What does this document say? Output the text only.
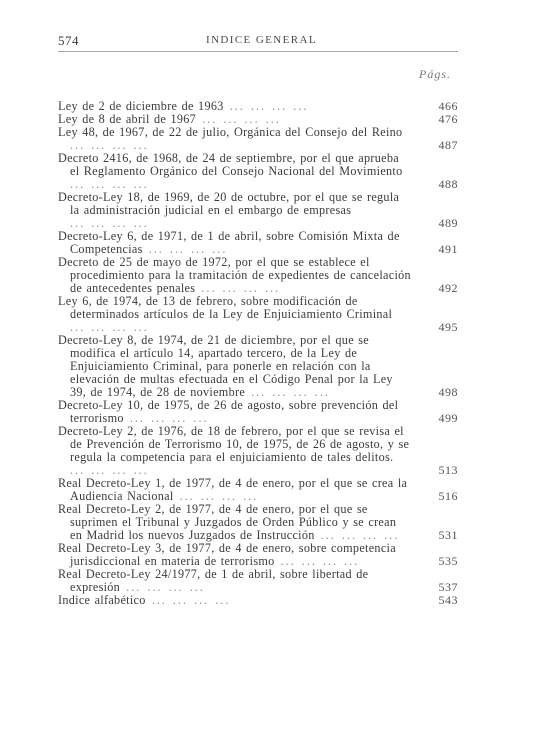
574	INDICE GENERAL
Págs.
Ley de 2 de diciembre de 1963 ... ... ... ...	466
Ley de 8 de abril de 1967 ... ... ... ...	476
Ley 48, de 1967, de 22 de julio, Orgánica del Consejo del Reino ... ... ... ...	487
Decreto 2416, de 1968, de 24 de septiembre, por el que aprueba el Reglamento Orgánico del Consejo Nacional del Movimiento ... ... ... ...	488
Decreto-Ley 18, de 1969, de 20 de octubre, por el que se regula la administración judicial en el embargo de empresas ... ... ... ...	489
Decreto-Ley 6, de 1971, de 1 de abril, sobre Comisión Mixta de Competencias ... ... ... ...	491
Decreto de 25 de mayo de 1972, por el que se establece el procedimiento para la tramitación de expedientes de cancelación de antecedentes penales ... ... ... ...	492
Ley 6, de 1974, de 13 de febrero, sobre modificación de determinados artículos de la Ley de Enjuiciamiento Criminal ... ... ... ...	495
Decreto-Ley 8, de 1974, de 21 de diciembre, por el que se modifica el artículo 14, apartado tercero, de la Ley de Enjuiciamiento Criminal, para ponerle en relación con la elevación de multas efectuada en el Código Penal por la Ley 39, de 1974, de 28 de noviembre ... ... ... ...	498
Decreto-Ley 10, de 1975, de 26 de agosto, sobre prevención del terrorismo ... ... ... ...	499
Decreto-Ley 2, de 1976, de 18 de febrero, por el que se revisa el de Prevención de Terrorismo 10, de 1975, de 26 de agosto, y se regula la competencia para el enjuiciamiento de tales delitos. ... ... ... ...	513
Real Decreto-Ley 1, de 1977, de 4 de enero, por el que se crea la Audiencia Nacional ... ... ... ...	516
Real Decreto-Ley 2, de 1977, de 4 de enero, por el que se suprimen el Tribunal y Juzgados de Orden Público y se crean en Madrid los nuevos Juzgados de Instrucción ... ... ... ...	531
Real Decreto-Ley 3, de 1977, de 4 de enero, sobre competencia jurisdiccional en materia de terrorismo ... ... ... ...	535
Real Decreto-Ley 24/1977, de 1 de abril, sobre libertad de expresión ... ... ... ...	537
Indice alfabético ... ... ... ...	543
